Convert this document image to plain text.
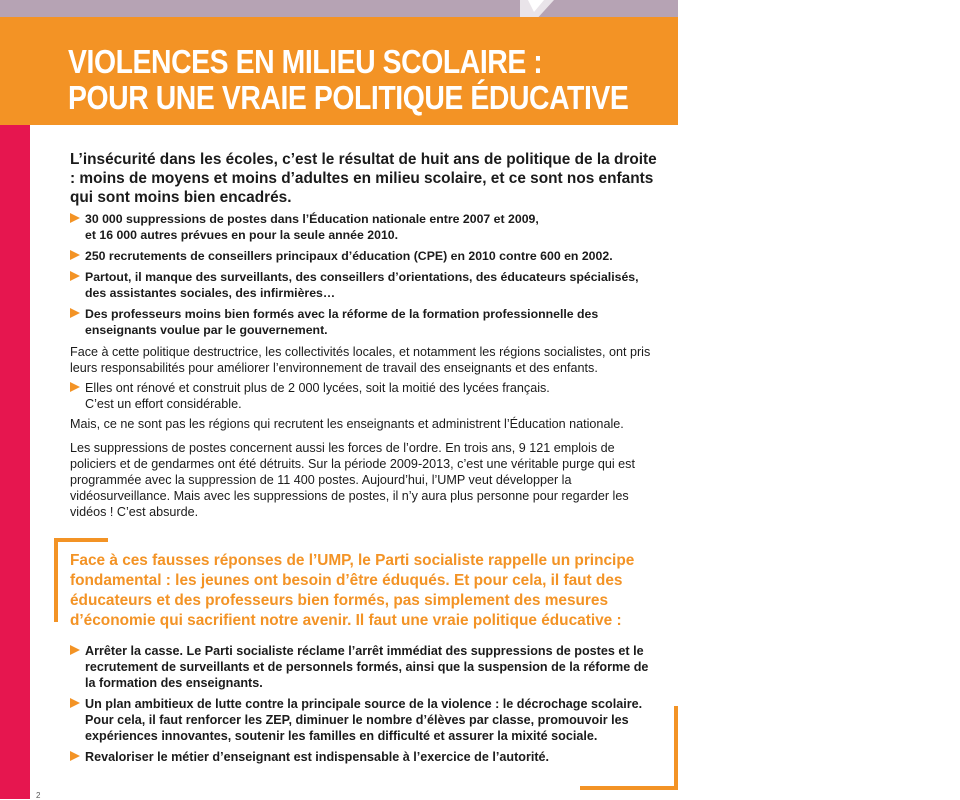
VIOLENCES EN MILIEU SCOLAIRE :
POUR UNE VRAIE POLITIQUE ÉDUCATIVE

L’insécurité dans les écoles, c’est le résultat de huit ans de politique de la droite : moins de moyens et moins d’adultes en milieu scolaire, et ce sont nos enfants qui sont moins bien encadrés.

30 000 suppressions de postes dans l’Éducation nationale entre 2007 et 2009,
et 16 000 autres prévues en pour la seule année 2010.
250 recrutements de conseillers principaux d’éducation (CPE) en 2010 contre 600 en 2002.
Partout, il manque des surveillants, des conseillers d’orientations, des éducateurs spécialisés,
des assistantes sociales, des infirmières…
Des professeurs moins bien formés avec la réforme de la formation professionnelle des
enseignants voulue par le gouvernement.

Face à cette politique destructrice, les collectivités locales, et notamment les régions socialistes, ont pris leurs responsabilités pour améliorer l’environnement de travail des enseignants et des enfants.

Elles ont rénové et construit plus de 2 000 lycées, soit la moitié des lycées français.
C’est un effort considérable.

Mais, ce ne sont pas les régions qui recrutent les enseignants et administrent l’Éducation nationale.

Les suppressions de postes concernent aussi les forces de l’ordre. En trois ans, 9 121 emplois de policiers et de gendarmes ont été détruits. Sur la période 2009-2013, c’est une véritable purge qui est programmée avec la suppression de 11 400 postes. Aujourd’hui, l’UMP veut développer la vidéosurveillance. Mais avec les suppressions de postes, il n’y aura plus personne pour regarder les vidéos ! C’est absurde.

Face à ces fausses réponses de l’UMP, le Parti socialiste rappelle un principe fondamental : les jeunes ont besoin d’être éduqués. Et pour cela, il faut des éducateurs et des professeurs bien formés, pas simplement des mesures d’économie qui sacrifient notre avenir. Il faut une vraie politique éducative :

Arrêter la casse. Le Parti socialiste réclame l’arrêt immédiat des suppressions de postes et le recrutement de surveillants et de personnels formés, ainsi que la suspension de la réforme de la formation des enseignants.
Un plan ambitieux de lutte contre la principale source de la violence : le décrochage scolaire. Pour cela, il faut renforcer les ZEP, diminuer le nombre d’élèves par classe, promouvoir les expériences innovantes, soutenir les familles en difficulté et assurer la mixité sociale.
Revaloriser le métier d’enseignant est indispensable à l’exercice de l’autorité.
2
